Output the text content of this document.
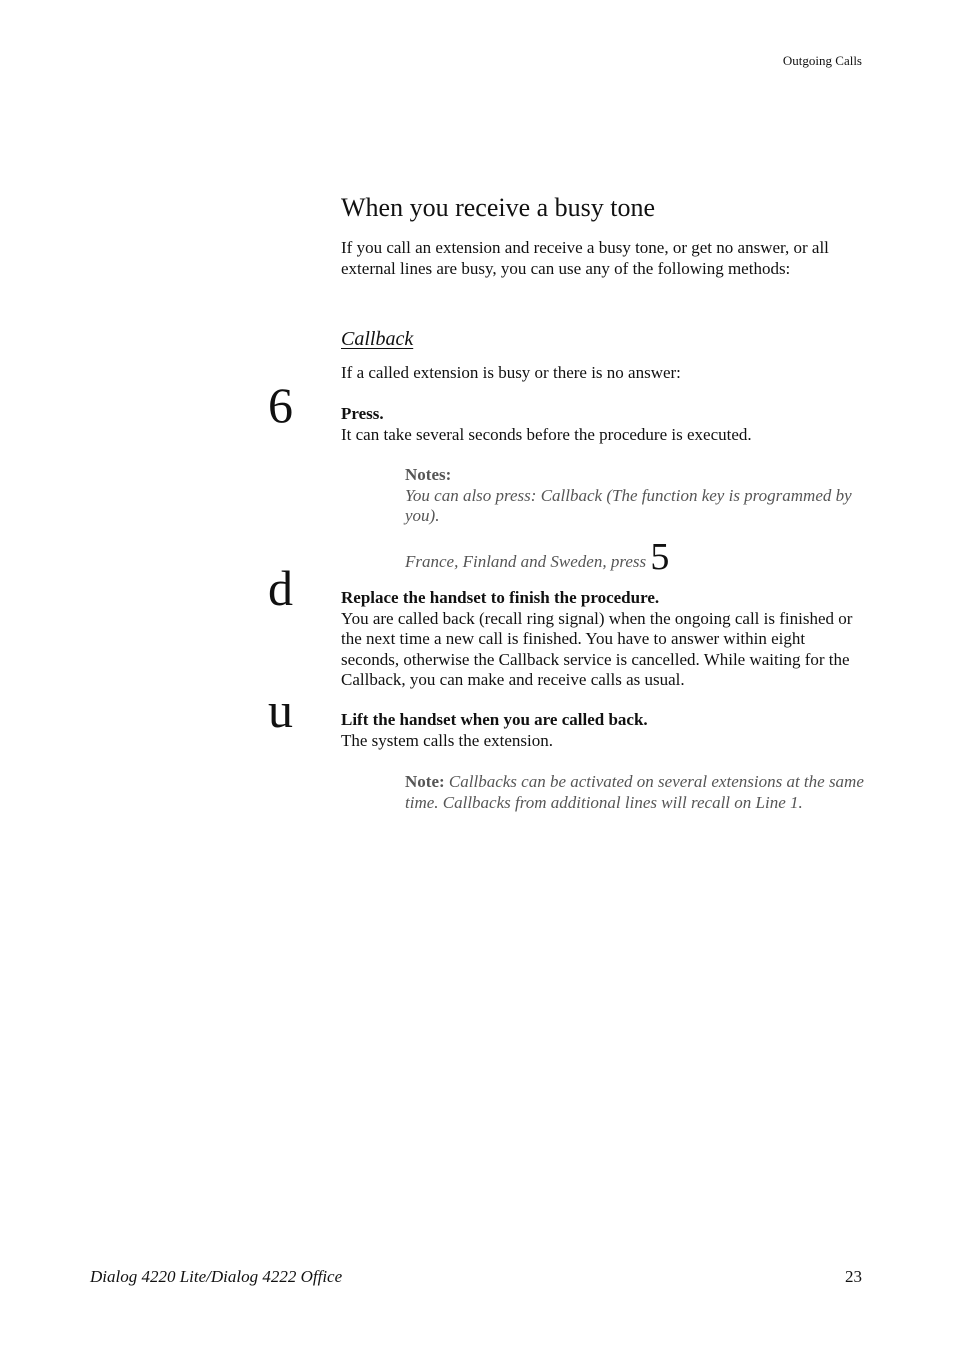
Outgoing Calls
When you receive a busy tone

If you call an extension and receive a busy tone, or get no answer, or all external lines are busy, you can use any of the following methods:

Callback

If a called extension is busy or there is no answer:

6	Press.
It can take several seconds before the procedure is executed.
Notes:
You can also press: Callback (The function key is programmed by you).
France, Finland and Sweden, press 5
d	Replace the handset to finish the procedure.
You are called back (recall ring signal) when the ongoing call is finished or the next time a new call is finished. You have to answer within eight seconds, otherwise the Callback service is cancelled. While waiting for the Callback, you can make and receive calls as usual.
u	Lift the handset when you are called back.
The system calls the extension.
Note: Callbacks can be activated on several extensions at the same time. Callbacks from additional lines will recall on Line 1.
Dialog 4220 Lite/Dialog 4222 Office	23
